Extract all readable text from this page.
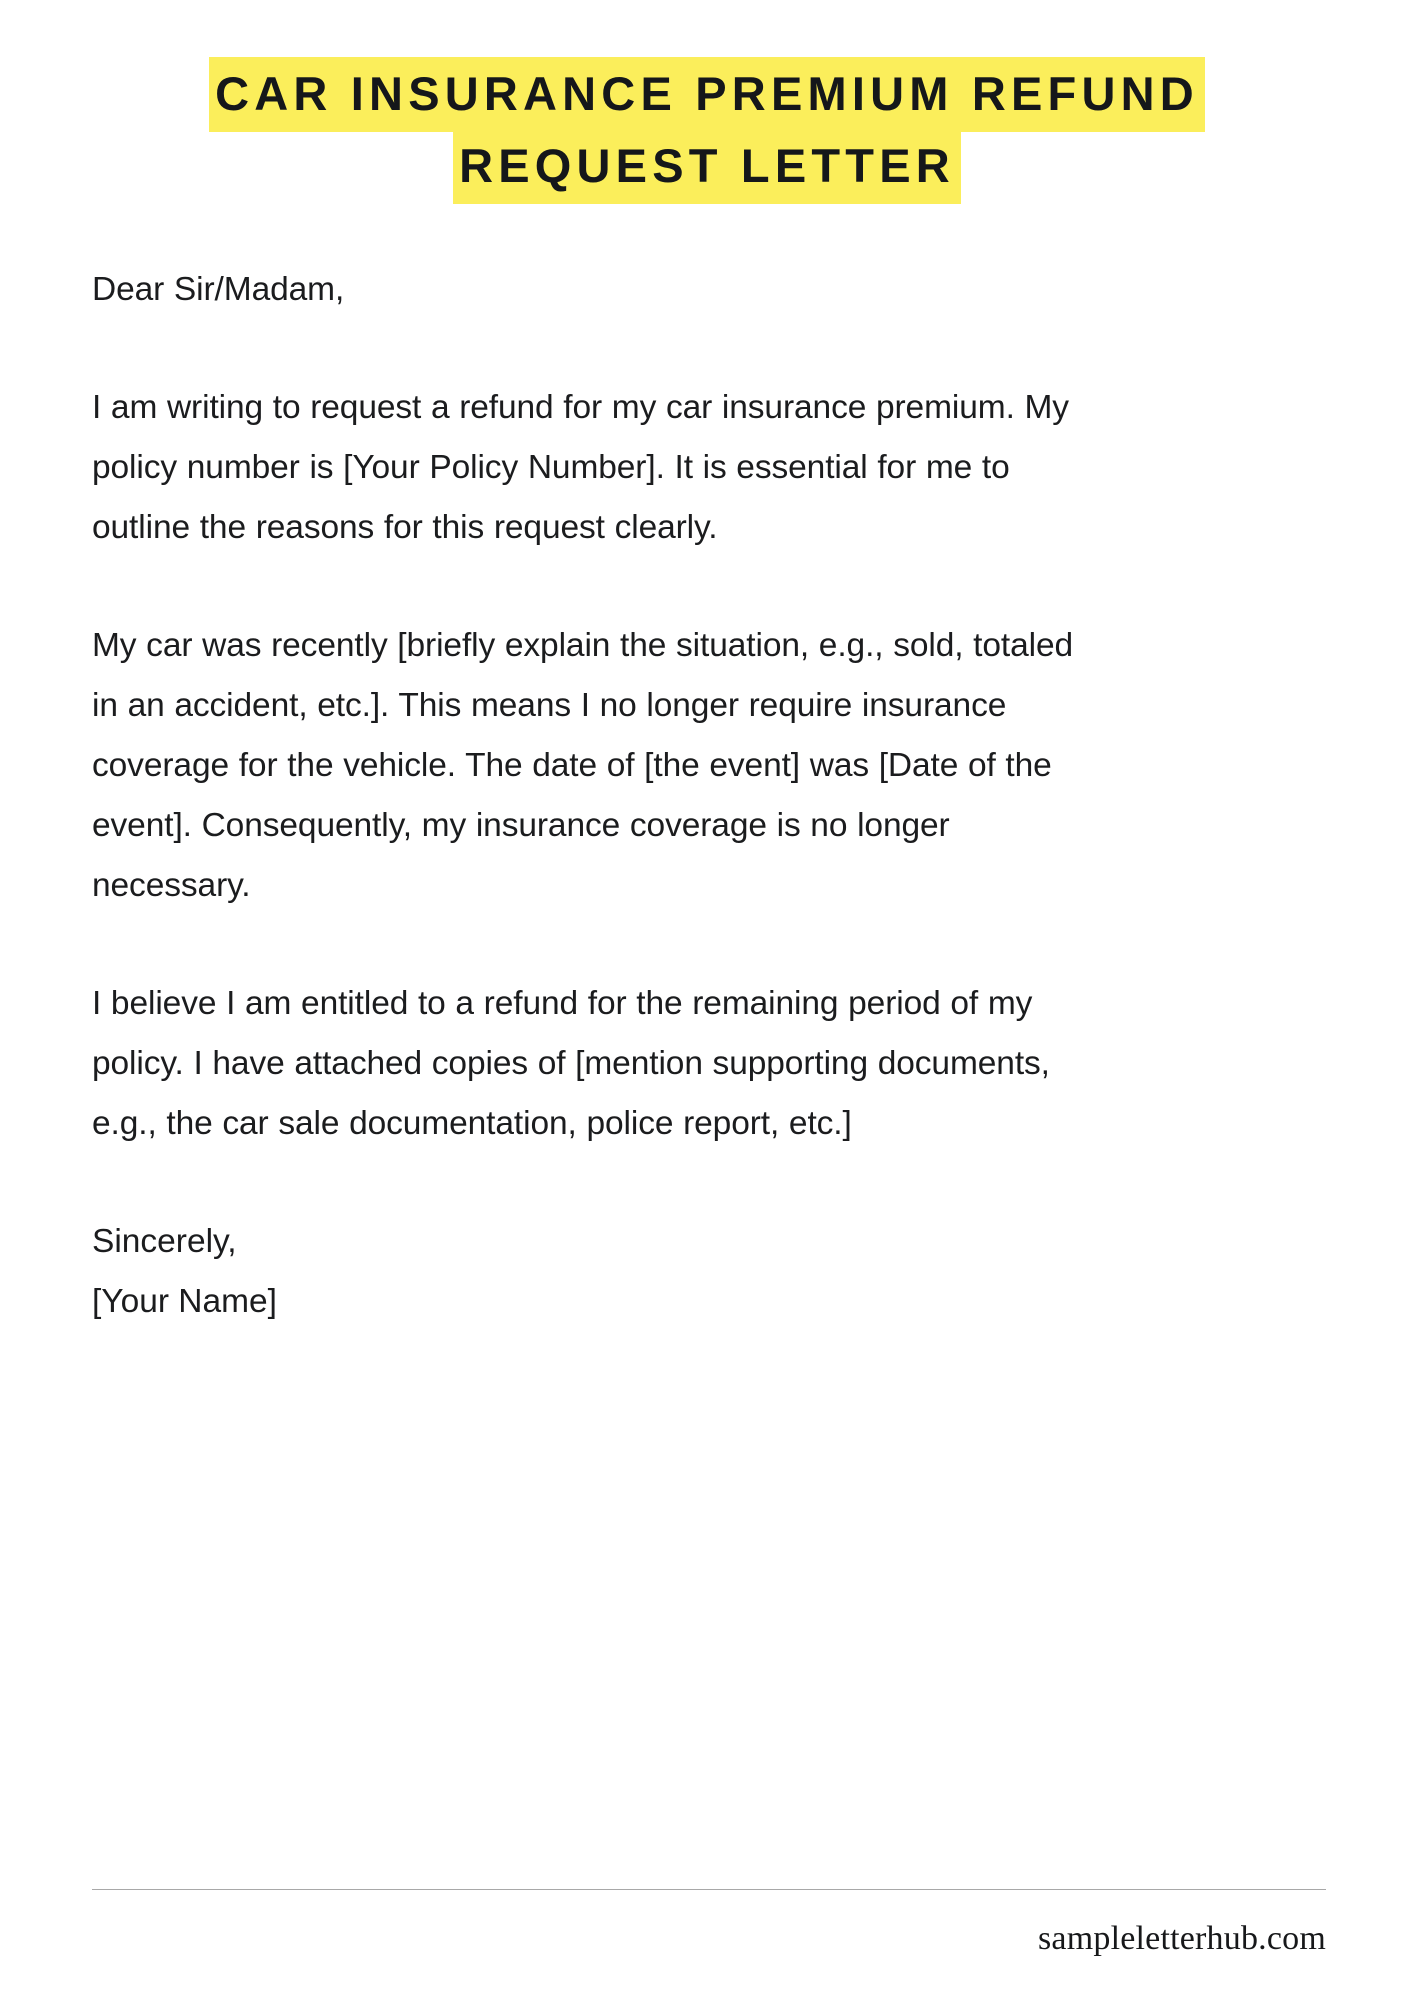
CAR INSURANCE PREMIUM REFUND REQUEST LETTER

Dear Sir/Madam,

I am writing to request a refund for my car insurance premium. My policy number is [Your Policy Number]. It is essential for me to outline the reasons for this request clearly.

My car was recently [briefly explain the situation, e.g., sold, totaled in an accident, etc.]. This means I no longer require insurance coverage for the vehicle. The date of [the event] was [Date of the event]. Consequently, my insurance coverage is no longer necessary.

I believe I am entitled to a refund for the remaining period of my policy. I have attached copies of [mention supporting documents, e.g., the car sale documentation, police report, etc.]

Sincerely,

[Your Name]

sampleletterhub.com
